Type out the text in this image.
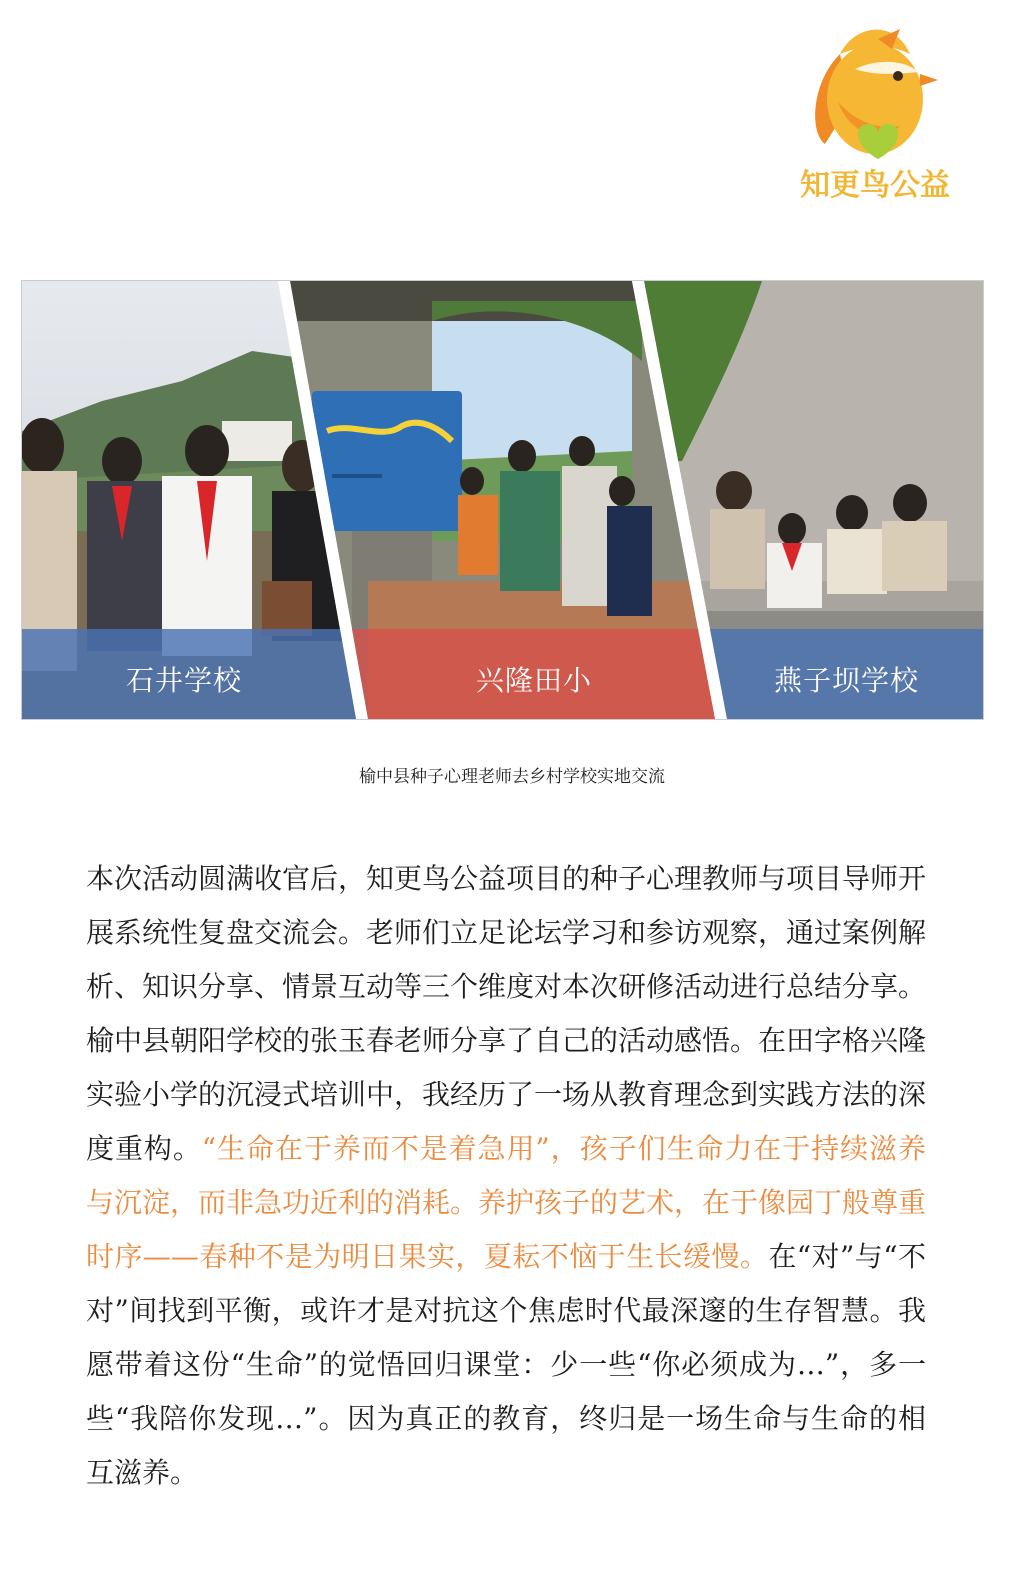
知更鸟公益
石井学校	兴隆田小	燕子坝学校
榆中县种子心理老师去乡村学校实地交流

本次活动圆满收官后，知更鸟公益项目的种子心理教师与项目导师开展系统性复盘交流会。老师们立足论坛学习和参访观察，通过案例解析、知识分享、情景互动等三个维度对本次研修活动进行总结分享。

榆中县朝阳学校的张玉春老师分享了自己的活动感悟。在田字格兴隆实验小学的沉浸式培训中，我经历了一场从教育理念到实践方法的深度重构。“生命在于养而不是着急用”，孩子们生命力在于持续滋养与沉淀，而非急功近利的消耗。养护孩子的艺术，在于像园丁般尊重时序——春种不是为明日果实，夏耘不恼于生长缓慢。在“对”与“不对”间找到平衡，或许才是对抗这个焦虑时代最深邃的生存智慧。我愿带着这份“生命”的觉悟回归课堂：少一些“你必须成为…”，多一些“我陪你发现…”。因为真正的教育，终归是一场生命与生命的相互滋养。
